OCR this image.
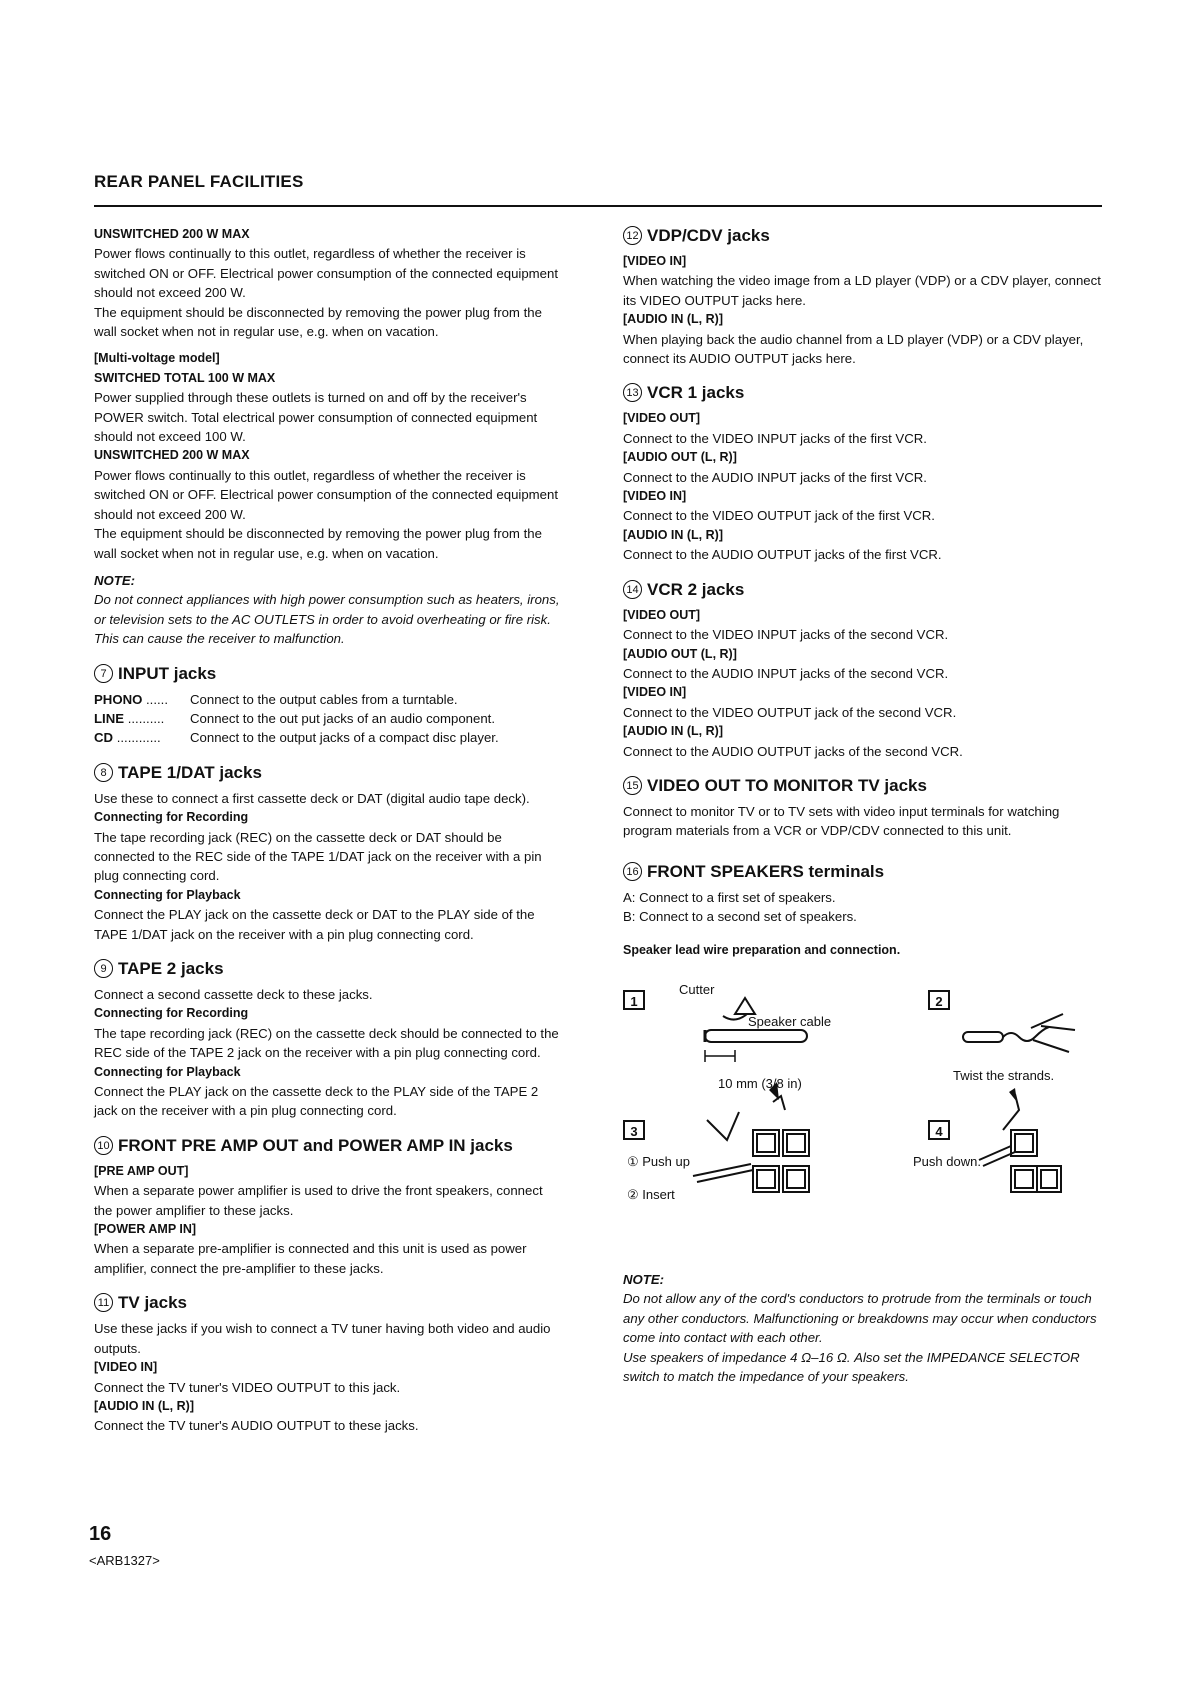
REAR PANEL FACILITIES
UNSWITCHED 200 W MAX

Power flows continually to this outlet, regardless of whether the receiver is switched ON or OFF. Electrical power consumption of the connected equipment should not exceed 200 W.

The equipment should be disconnected by removing the power plug from the wall socket when not in regular use, e.g. when on vacation.

[Multi-voltage model]
SWITCHED TOTAL 100 W MAX

Power supplied through these outlets is turned on and off by the receiver's POWER switch. Total electrical power consumption of connected equipment should not exceed 100 W.

UNSWITCHED 200 W MAX

Power flows continually to this outlet, regardless of whether the receiver is switched ON or OFF. Electrical power consumption of the connected equipment should not exceed 200 W.

The equipment should be disconnected by removing the power plug from the wall socket when not in regular use, e.g. when on vacation.

NOTE:

Do not connect appliances with high power consumption such as heaters, irons, or television sets to the AC OUTLETS in order to avoid overheating or fire risk.

This can cause the receiver to malfunction.

7 INPUT jacks
PHONO ......	Connect to the output cables from a turntable.
LINE ..........	Connect to the out put jacks of an audio component.
CD ............	Connect to the output jacks of a compact disc player.
8 TAPE 1/DAT jacks

Use these to connect a first cassette deck or DAT (digital audio tape deck).

Connecting for Recording

The tape recording jack (REC) on the cassette deck or DAT should be connected to the REC side of the TAPE 1/DAT jack on the receiver with a pin plug connecting cord.

Connecting for Playback

Connect the PLAY jack on the cassette deck or DAT to the PLAY side of the TAPE 1/DAT jack on the receiver with a pin plug connecting cord.

9 TAPE 2 jacks

Connect a second cassette deck to these jacks.

Connecting for Recording

The tape recording jack (REC) on the cassette deck should be connected to the REC side of the TAPE 2 jack on the receiver with a pin plug connecting cord.

Connecting for Playback

Connect the PLAY jack on the cassette deck to the PLAY side of the TAPE 2 jack on the receiver with a pin plug connecting cord.

10 FRONT PRE AMP OUT and POWER AMP IN jacks
[PRE AMP OUT]

When a separate power amplifier is used to drive the front speakers, connect the power amplifier to these jacks.

[POWER AMP IN]

When a separate pre-amplifier is connected and this unit is used as power amplifier, connect the pre-amplifier to these jacks.

11 TV jacks

Use these jacks if you wish to connect a TV tuner having both video and audio outputs.

[VIDEO IN]

Connect the TV tuner's VIDEO OUTPUT to this jack.

[AUDIO IN (L, R)]

Connect the TV tuner's AUDIO OUTPUT to these jacks.

12 VDP/CDV jacks
[VIDEO IN]

When watching the video image from a LD player (VDP) or a CDV player, connect its VIDEO OUTPUT jacks here.

[AUDIO IN (L, R)]

When playing back the audio channel from a LD player (VDP) or a CDV player, connect its AUDIO OUTPUT jacks here.

13 VCR 1 jacks
[VIDEO OUT]

Connect to the VIDEO INPUT jacks of the first VCR.

[AUDIO OUT (L, R)]

Connect to the AUDIO INPUT jacks of the first VCR.

[VIDEO IN]

Connect to the VIDEO OUTPUT jack of the first VCR.

[AUDIO IN (L, R)]

Connect to the AUDIO OUTPUT jacks of the first VCR.

14 VCR 2 jacks
[VIDEO OUT]

Connect to the VIDEO INPUT jacks of the second VCR.

[AUDIO OUT (L, R)]

Connect to the AUDIO INPUT jacks of the second VCR.

[VIDEO IN]

Connect to the VIDEO OUTPUT jack of the second VCR.

[AUDIO IN (L, R)]

Connect to the AUDIO OUTPUT jacks of the second VCR.

15 VIDEO OUT TO MONITOR TV jacks

Connect to monitor TV or to TV sets with video input terminals for watching program materials from a VCR or VDP/CDV connected to this unit.

16 FRONT SPEAKERS terminals

A: Connect to a first set of speakers.

B: Connect to a second set of speakers.

Speaker lead wire preparation and connection.
1	2
3	4
Cutter
Speaker cable
10 mm (3/8 in)
Twist the strands.
① Push up
② Insert
Push down.
NOTE:

Do not allow any of the cord's conductors to protrude from the terminals or touch any other conductors. Malfunctioning or breakdowns may occur when conductors come into contact with each other.

Use speakers of impedance 4 Ω–16 Ω. Also set the IMPEDANCE SELECTOR switch to match the impedance of your speakers.

16
<ARB1327>
